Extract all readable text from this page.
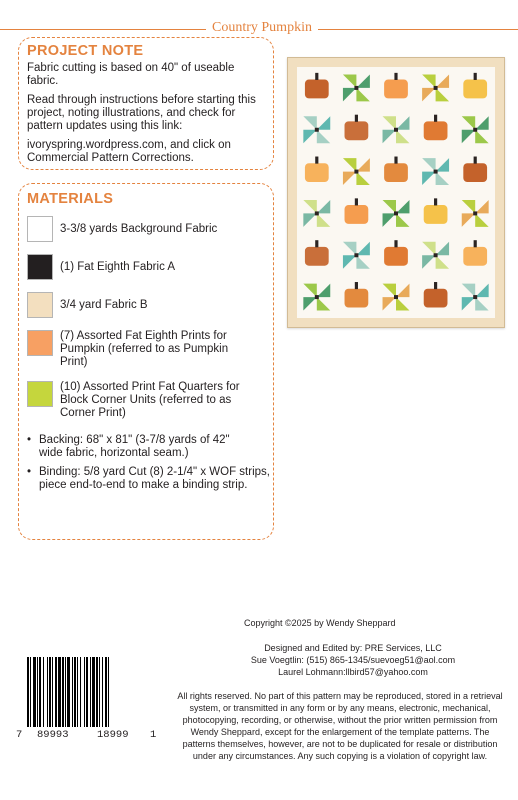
Country Pumpkin
PROJECT NOTE

Fabric cutting is based on 40" of useable fabric.

Read through instructions before starting this project, noting illustrations, and check for pattern updates using this link:

ivoryspring.wordpress.com, and click on Commercial Pattern Corrections.

MATERIALS
3-3/8 yards Background Fabric
(1) Fat Eighth Fabric A
3/4 yard Fabric B
(7) Assorted Fat Eighth Prints for Pumpkin (referred to as Pumpkin Print)
(10) Assorted Print Fat Quarters for Block Corner Units (referred to as Corner Print)
• Backing: 68" x 81" (3-7/8 yards of 42" wide fabric, horizontal seam.)
• Binding: 5/8 yard Cut (8) 2-1/4" x WOF strips, piece end-to-end to make a binding strip.
Copyright ©2025 by Wendy Sheppard
Designed and Edited by: PRE Services, LLC
Sue Voegtlin: (515) 865-1345/suevoeg51@aol.com
Laurel Lohmann:llbird57@yahoo.com
All rights reserved. No part of this pattern may be reproduced, stored in a retrieval system, or transmitted in any form or by any means, electronic, mechanical, photocopying, recording, or otherwise, without the prior written permission from Wendy Sheppard, except for the enlargement of the template patterns. The patterns themselves, however, are not to be duplicated for resale or distribution under any circumstances. Any such copying is a violation of copyright law.
7 89993	18999 1
